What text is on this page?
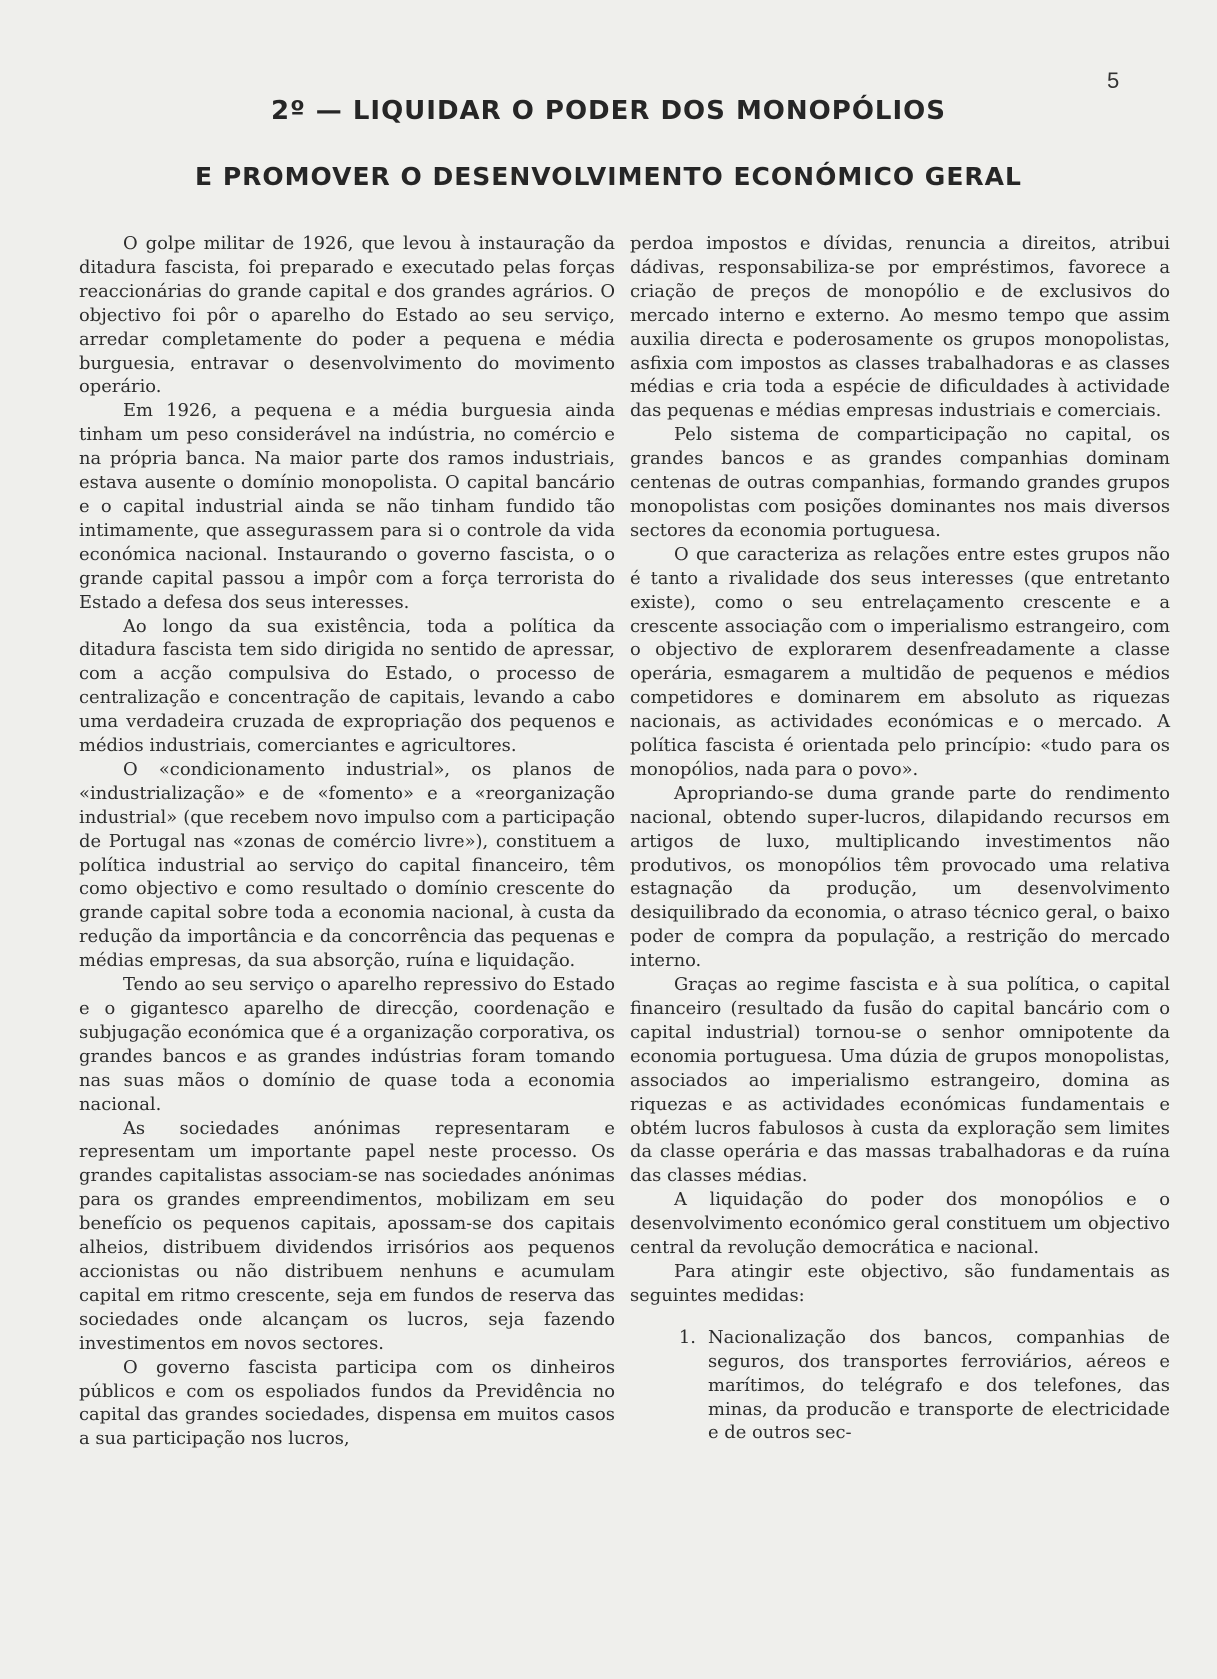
5
2º — LIQUIDAR O PODER DOS MONOPÓLIOS
E PROMOVER O DESENVOLVIMENTO ECONÓMICO GERAL

O golpe militar de 1926, que levou à instauração da ditadura fascista, foi preparado e executado pelas forças reaccionárias do grande capital e dos grandes agrários. O objectivo foi pôr o aparelho do Estado ao seu serviço, arredar completamente do poder a pequena e média burguesia, entravar o desenvolvimento do movimento operário.

Em 1926, a pequena e a média burguesia ainda tinham um peso considerável na indústria, no comércio e na própria banca. Na maior parte dos ramos industriais, estava ausente o domínio monopolista. O capital bancário e o capital industrial ainda se não tinham fundido tão intimamente, que assegurassem para si o controle da vida económica nacional. Instaurando o governo fascista, o o grande capital passou a impôr com a força terrorista do Estado a defesa dos seus interesses.

Ao longo da sua existência, toda a política da ditadura fascista tem sido dirigida no sentido de apressar, com a acção compulsiva do Estado, o processo de centralização e concentração de capitais, levando a cabo uma verdadeira cruzada de expropriação dos pequenos e médios industriais, comerciantes e agricultores.

O «condicionamento industrial», os planos de «industrialização» e de «fomento» e a «reorganização industrial» (que recebem novo impulso com a participação de Portugal nas «zonas de comércio livre»), constituem a política industrial ao serviço do capital financeiro, têm como objectivo e como resultado o domínio crescente do grande capital sobre toda a economia nacional, à custa da redução da importância e da concorrência das pequenas e médias empresas, da sua absorção, ruína e liquidação.

Tendo ao seu serviço o aparelho repressivo do Estado e o gigantesco aparelho de direcção, coordenação e subjugação económica que é a organização corporativa, os grandes bancos e as grandes indústrias foram tomando nas suas mãos o domínio de quase toda a economia nacional.

As sociedades anónimas representaram e representam um importante papel neste processo. Os grandes capitalistas associam-se nas sociedades anónimas para os grandes empreendimentos, mobilizam em seu benefício os pequenos capitais, apossam-se dos capitais alheios, distribuem dividendos irrisórios aos pequenos accionistas ou não distribuem nenhuns e acumulam capital em ritmo crescente, seja em fundos de reserva das sociedades onde alcançam os lucros, seja fazendo investimentos em novos sectores.

O governo fascista participa com os dinheiros públicos e com os espoliados fundos da Previdência no capital das grandes sociedades, dispensa em muitos casos a sua participação nos lucros,

perdoa impostos e dívidas, renuncia a direitos, atribui dádivas, responsabiliza-se por empréstimos, favorece a criação de preços de monopólio e de exclusivos do mercado interno e externo. Ao mesmo tempo que assim auxilia directa e poderosamente os grupos monopolistas, asfixia com impostos as classes trabalhadoras e as classes médias e cria toda a espécie de dificuldades à actividade das pequenas e médias empresas industriais e comerciais.

Pelo sistema de comparticipação no capital, os grandes bancos e as grandes companhias dominam centenas de outras companhias, formando grandes grupos monopolistas com posições dominantes nos mais diversos sectores da economia portuguesa.

O que caracteriza as relações entre estes grupos não é tanto a rivalidade dos seus interesses (que entretanto existe), como o seu entrelaçamento crescente e a crescente associação com o imperialismo estrangeiro, com o objectivo de explorarem desenfreadamente a classe operária, esmagarem a multidão de pequenos e médios competidores e dominarem em absoluto as riquezas nacionais, as actividades económicas e o mercado. A política fascista é orientada pelo princípio: «tudo para os monopólios, nada para o povo».

Apropriando-se duma grande parte do rendimento nacional, obtendo super-lucros, dilapidando recursos em artigos de luxo, multiplicando investimentos não produtivos, os monopólios têm provocado uma relativa estagnação da produção, um desenvolvimento desiquilibrado da economia, o atraso técnico geral, o baixo poder de compra da população, a restrição do mercado interno.

Graças ao regime fascista e à sua política, o capital financeiro (resultado da fusão do capital bancário com o capital industrial) tornou-se o senhor omnipotente da economia portuguesa. Uma dúzia de grupos monopolistas, associados ao imperialismo estrangeiro, domina as riquezas e as actividades económicas fundamentais e obtém lucros fabulosos à custa da exploração sem limites da classe operária e das massas trabalhadoras e da ruína das classes médias.

A liquidação do poder dos monopólios e o desenvolvimento económico geral constituem um objectivo central da revolução democrática e nacional.

Para atingir este objectivo, são fundamentais as seguintes medidas:

1. Nacionalização dos bancos, companhias de seguros, dos transportes ferroviários, aéreos e marítimos, do telégrafo e dos telefones, das minas, da producão e transporte de electricidade e de outros sec-
